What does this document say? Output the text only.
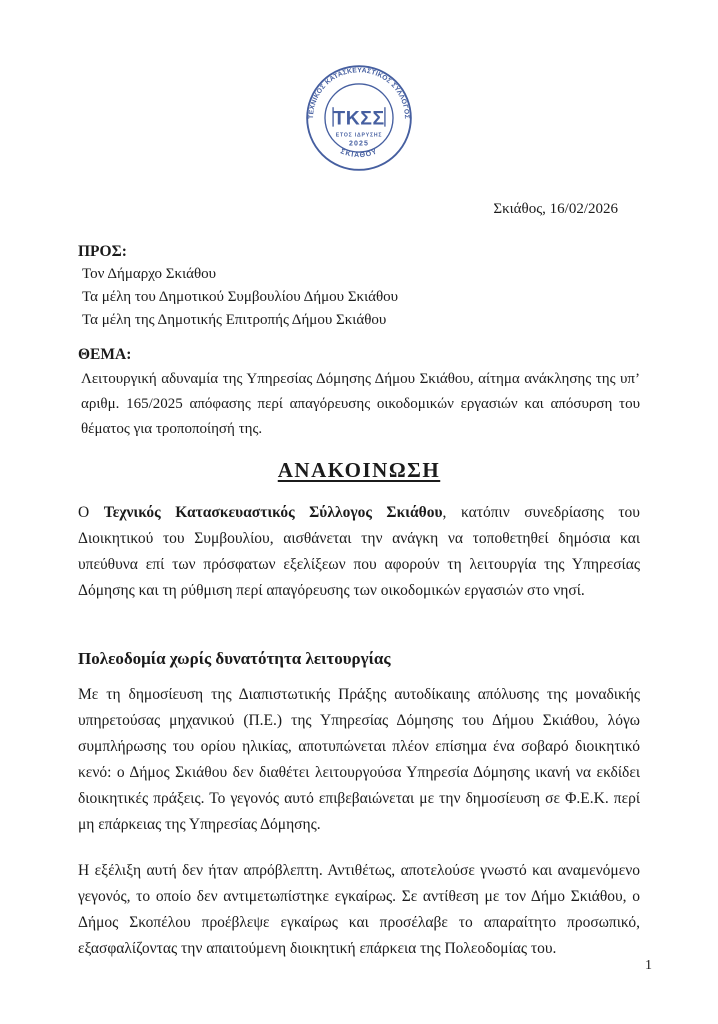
ΤΕΧΝΙΚΟΣ ΚΑΤΑΣΚΕΥΑΣΤΙΚΟΣ ΣΥΛΛΟΓΟΣ
ΣΚΙΑΘΟΥ
ΤΚΣΣ
ΕΤΟΣ ΙΔΡΥΣΗΣ
2025
Σκιάθος, 16/02/2026
ΠΡΟΣ:
Τον Δήμαρχο Σκιάθου
Τα μέλη του Δημοτικού Συμβουλίου Δήμου Σκιάθου
Τα μέλη της Δημοτικής Επιτροπής Δήμου Σκιάθου
ΘΕΜΑ:

Λειτουργική αδυναμία της Υπηρεσίας Δόμησης Δήμου Σκιάθου, αίτημα ανάκλησης της υπ’ αριθμ. 165/2025 απόφασης περί απαγόρευσης οικοδομικών εργασιών και απόσυρση του θέματος για τροποποίησή της.

ΑΝΑΚΟΙΝΩΣΗ

Ο Τεχνικός Κατασκευαστικός Σύλλογος Σκιάθου, κατόπιν συνεδρίασης του Διοικητικού του Συμβουλίου, αισθάνεται την ανάγκη να τοποθετηθεί δημόσια και υπεύθυνα επί των πρόσφατων εξελίξεων που αφορούν τη λειτουργία της Υπηρεσίας Δόμησης και τη ρύθμιση περί απαγόρευσης των οικοδομικών εργασιών στο νησί.

Πολεοδομία χωρίς δυνατότητα λειτουργίας

Με τη δημοσίευση της Διαπιστωτικής Πράξης αυτοδίκαιης απόλυσης της μοναδικής υπηρετούσας μηχανικού (Π.Ε.) της Υπηρεσίας Δόμησης του Δήμου Σκιάθου, λόγω συμπλήρωσης του ορίου ηλικίας, αποτυπώνεται πλέον επίσημα ένα σοβαρό διοικητικό κενό: ο Δήμος Σκιάθου δεν διαθέτει λειτουργούσα Υπηρεσία Δόμησης ικανή να εκδίδει διοικητικές πράξεις. Το γεγονός αυτό επιβεβαιώνεται με την δημοσίευση σε Φ.Ε.Κ. περί μη επάρκειας της Υπηρεσίας Δόμησης.

Η εξέλιξη αυτή δεν ήταν απρόβλεπτη. Αντιθέτως, αποτελούσε γνωστό και αναμενόμενο γεγονός, το οποίο δεν αντιμετωπίστηκε εγκαίρως. Σε αντίθεση με τον Δήμο Σκιάθου, ο Δήμος Σκοπέλου προέβλεψε εγκαίρως και προσέλαβε το απαραίτητο προσωπικό, εξασφαλίζοντας την απαιτούμενη διοικητική επάρκεια της Πολεοδομίας του.

1
